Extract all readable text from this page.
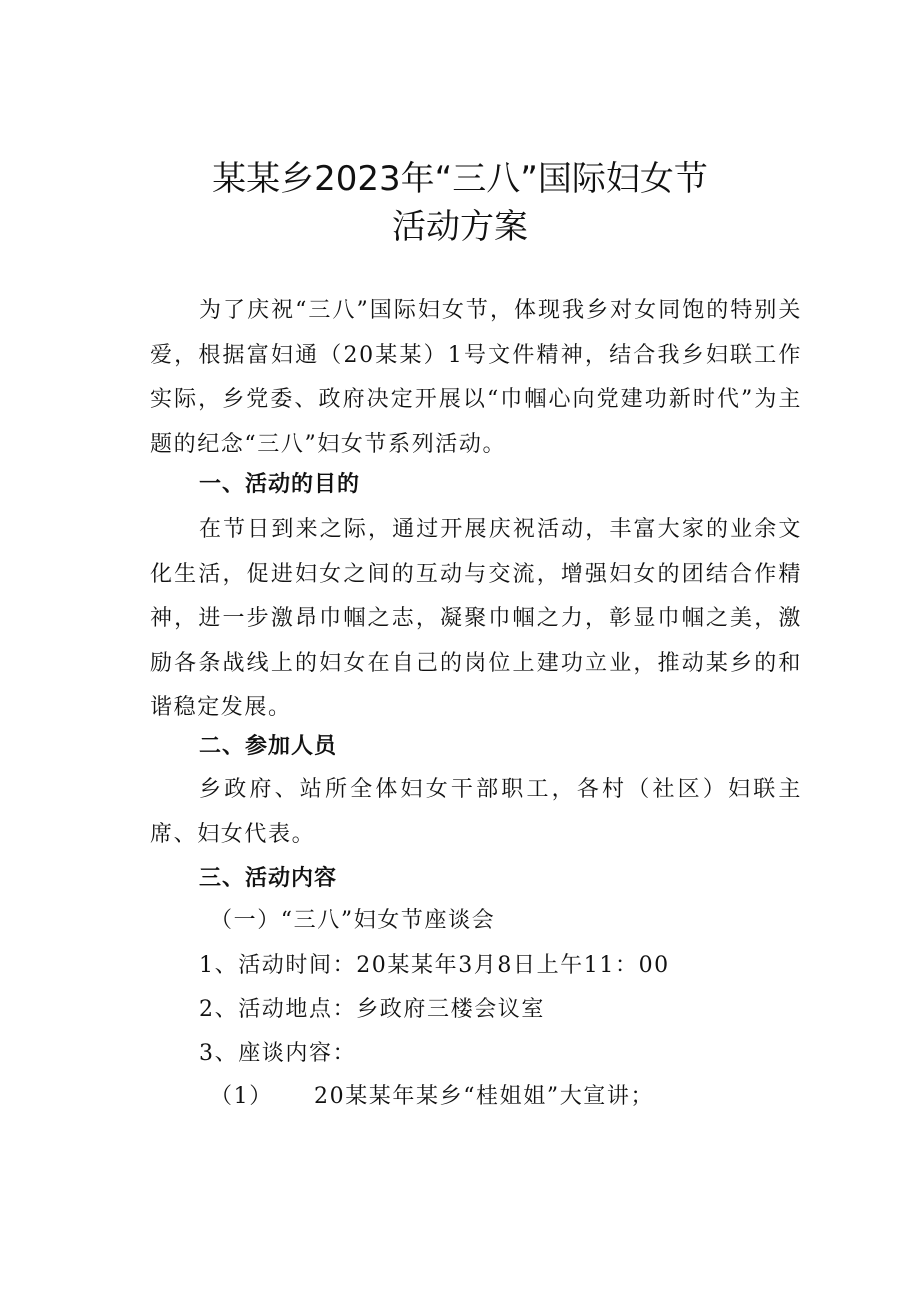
某某乡2023年“三八”国际妇女节
活动方案
为了庆祝“三八”国际妇女节，体现我乡对女同饱的特别关爱，根据富妇通（20某某）1号文件精神，结合我乡妇联工作实际，乡党委、政府决定开展以“巾帼心向党建功新时代”为主题的纪念“三八”妇女节系列活动。
一、活动的目的
在节日到来之际，通过开展庆祝活动，丰富大家的业余文化生活，促进妇女之间的互动与交流，增强妇女的团结合作精神，进一步激昂巾帼之志，凝聚巾帼之力，彰显巾帼之美，激励各条战线上的妇女在自己的岗位上建功立业，推动某乡的和谐稳定发展。
二、参加人员
乡政府、站所全体妇女干部职工，各村（社区）妇联主席、妇女代表。
三、活动内容
（一）“三八”妇女节座谈会
1、活动时间：20某某年3月8日上午11：00
2、活动地点：乡政府三楼会议室
3、座谈内容：
（1） 20某某年某乡“桂姐姐”大宣讲；
